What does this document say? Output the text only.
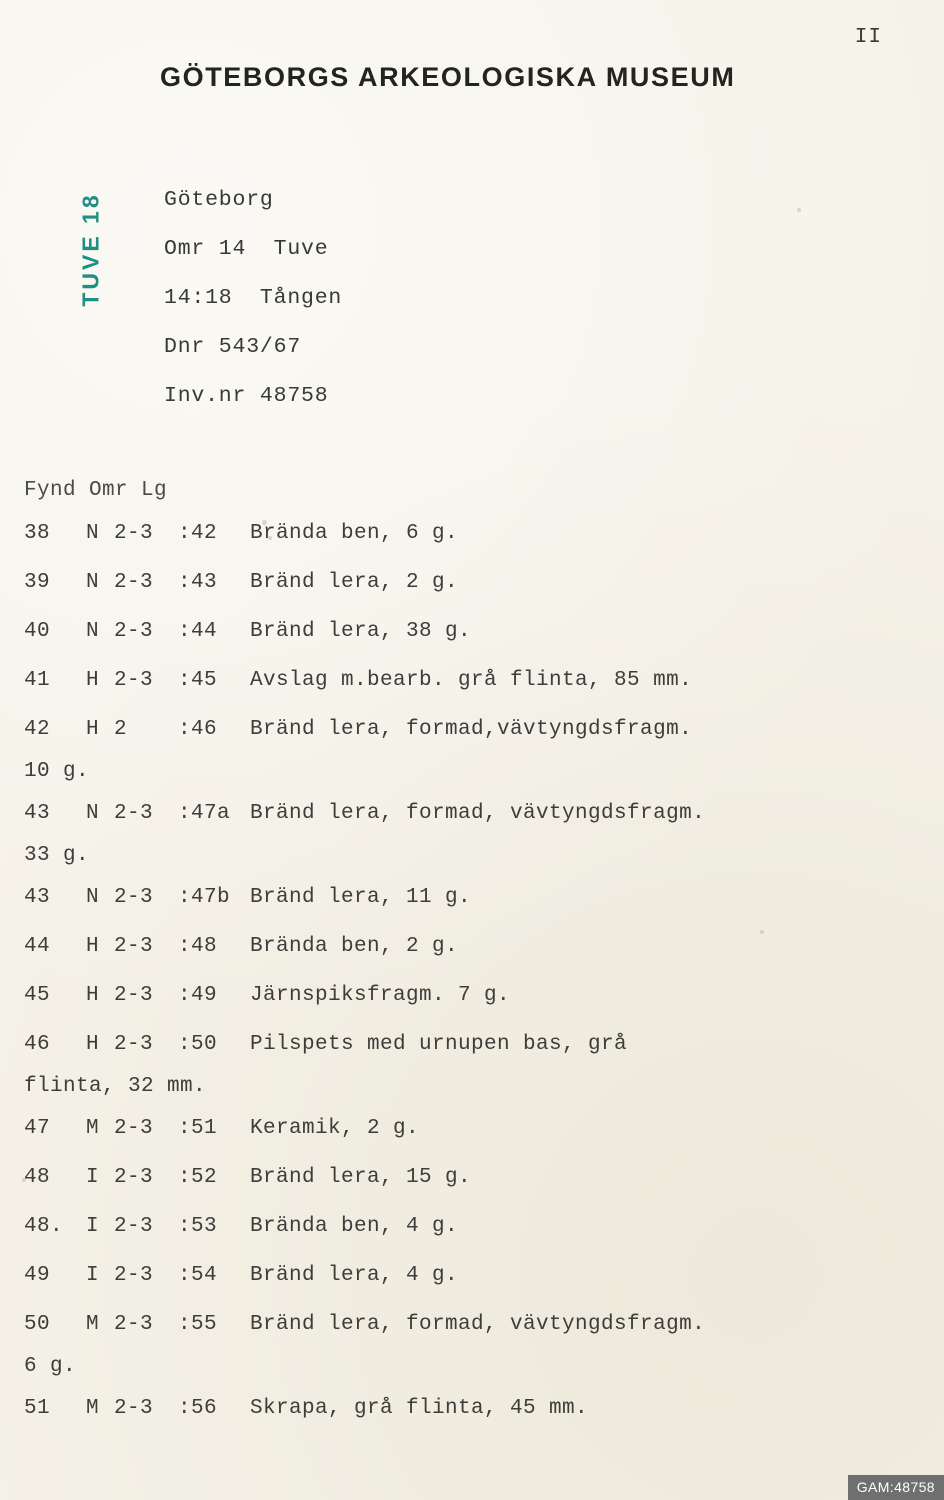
II
GÖTEBORGS ARKEOLOGISKA MUSEUM
TUVE 18	Göteborg
Omr 14  Tuve
14:18  Tången
Dnr 543/67
Inv.nr 48758
Fynd Omr Lg
38 N 2-3 :42 Brända ben, 6 g.
39 N 2-3 :43 Bränd lera, 2 g.
40 N 2-3 :44 Bränd lera, 38 g.
41 H 2-3 :45 Avslag m.bearb. grå flinta, 85 mm.
42 H 2 :46 Bränd lera, formad,vävtyngdsfragm.
10 g.
43 N 2-3 :47a Bränd lera, formad, vävtyngdsfragm.
33 g.
43 N 2-3 :47b Bränd lera, 11 g.
44 H 2-3 :48 Brända ben, 2 g.
45 H 2-3 :49 Järnspiksfragm. 7 g.
46 H 2-3 :50 Pilspets med urnupen bas, grå
flinta, 32 mm.
47 M 2-3 :51 Keramik, 2 g.
48 I 2-3 :52 Bränd lera, 15 g.
48. I 2-3 :53 Brända ben, 4 g.
49 I 2-3 :54 Bränd lera, 4 g.
50 M 2-3 :55 Bränd lera, formad, vävtyngdsfragm.
6 g.
51 M 2-3 :56 Skrapa, grå flinta, 45 mm.
GAM:48758
